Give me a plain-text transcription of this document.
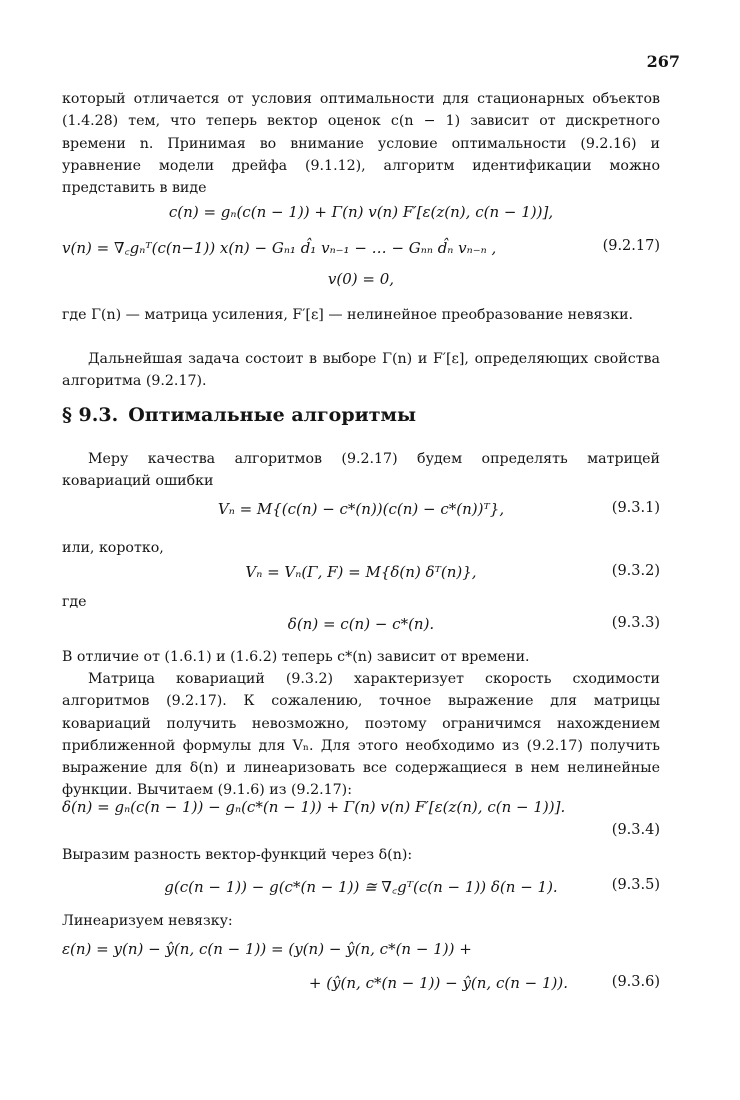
267

который отличается от условия оптимальности для стационарных объектов (1.4.28) тем, что теперь вектор оценок c(n − 1) зависит от дискретного времени n. Принимая во внимание условие оптимальности (9.2.16) и уравнение модели дрейфа (9.1.12), алгоритм идентификации можно представить в виде

c(n) = gₙ(c(n − 1)) + Γ(n) v(n) F′[ε(z(n), c(n − 1))],
v(n) = ∇꜀gₙᵀ(c(n−1)) x(n) − Gₙ₁ d̂₁ vₙ₋₁ − … − Gₙₙ d̂ₙ vₙ₋ₙ ,	(9.2.17)
v(0) = 0,

где Γ(n) — матрица усиления, F′[ε] — нелинейное преобразование невязки.

Дальнейшая задача состоит в выборе Γ(n) и F′[ε], определяющих свойства алгоритма (9.2.17).

§ 9.3. Оптимальные алгоритмы

Меру качества алгоритмов (9.2.17) будем определять матрицей ковариаций ошибки

Vₙ = M{(c(n) − c*(n))(c(n) − c*(n))ᵀ},	(9.3.1)
или, коротко,
Vₙ = Vₙ(Γ, F) = M{δ(n) δᵀ(n)},	(9.3.2)
где
δ(n) = c(n) − c*(n).	(9.3.3)

В отличие от (1.6.1) и (1.6.2) теперь c*(n) зависит от времени.

Матрица ковариаций (9.3.2) характеризует скорость сходимости алгоритмов (9.2.17). К сожалению, точное выражение для матрицы ковариаций получить невозможно, поэтому ограничимся нахождением приближенной формулы для Vₙ. Для этого необходимо из (9.2.17) получить выражение для δ(n) и линеаризовать все содержащиеся в нем нелинейные функции. Вычитаем (9.1.6) из (9.2.17):

δ(n) = gₙ(c(n − 1)) − gₙ(c*(n − 1)) + Γ(n) v(n) F′[ε(z(n), c(n − 1))].
(9.3.4)

Выразим разность вектор-функций через δ(n):

g(c(n − 1)) − g(c*(n − 1)) ≅ ∇꜀gᵀ(c(n − 1)) δ(n − 1).	(9.3.5)

Линеаризуем невязку:

ε(n) = y(n) − ŷ(n, c(n − 1)) = (y(n) − ŷ(n, c*(n − 1)) +
+ (ŷ(n, c*(n − 1)) − ŷ(n, c(n − 1)).	(9.3.6)
